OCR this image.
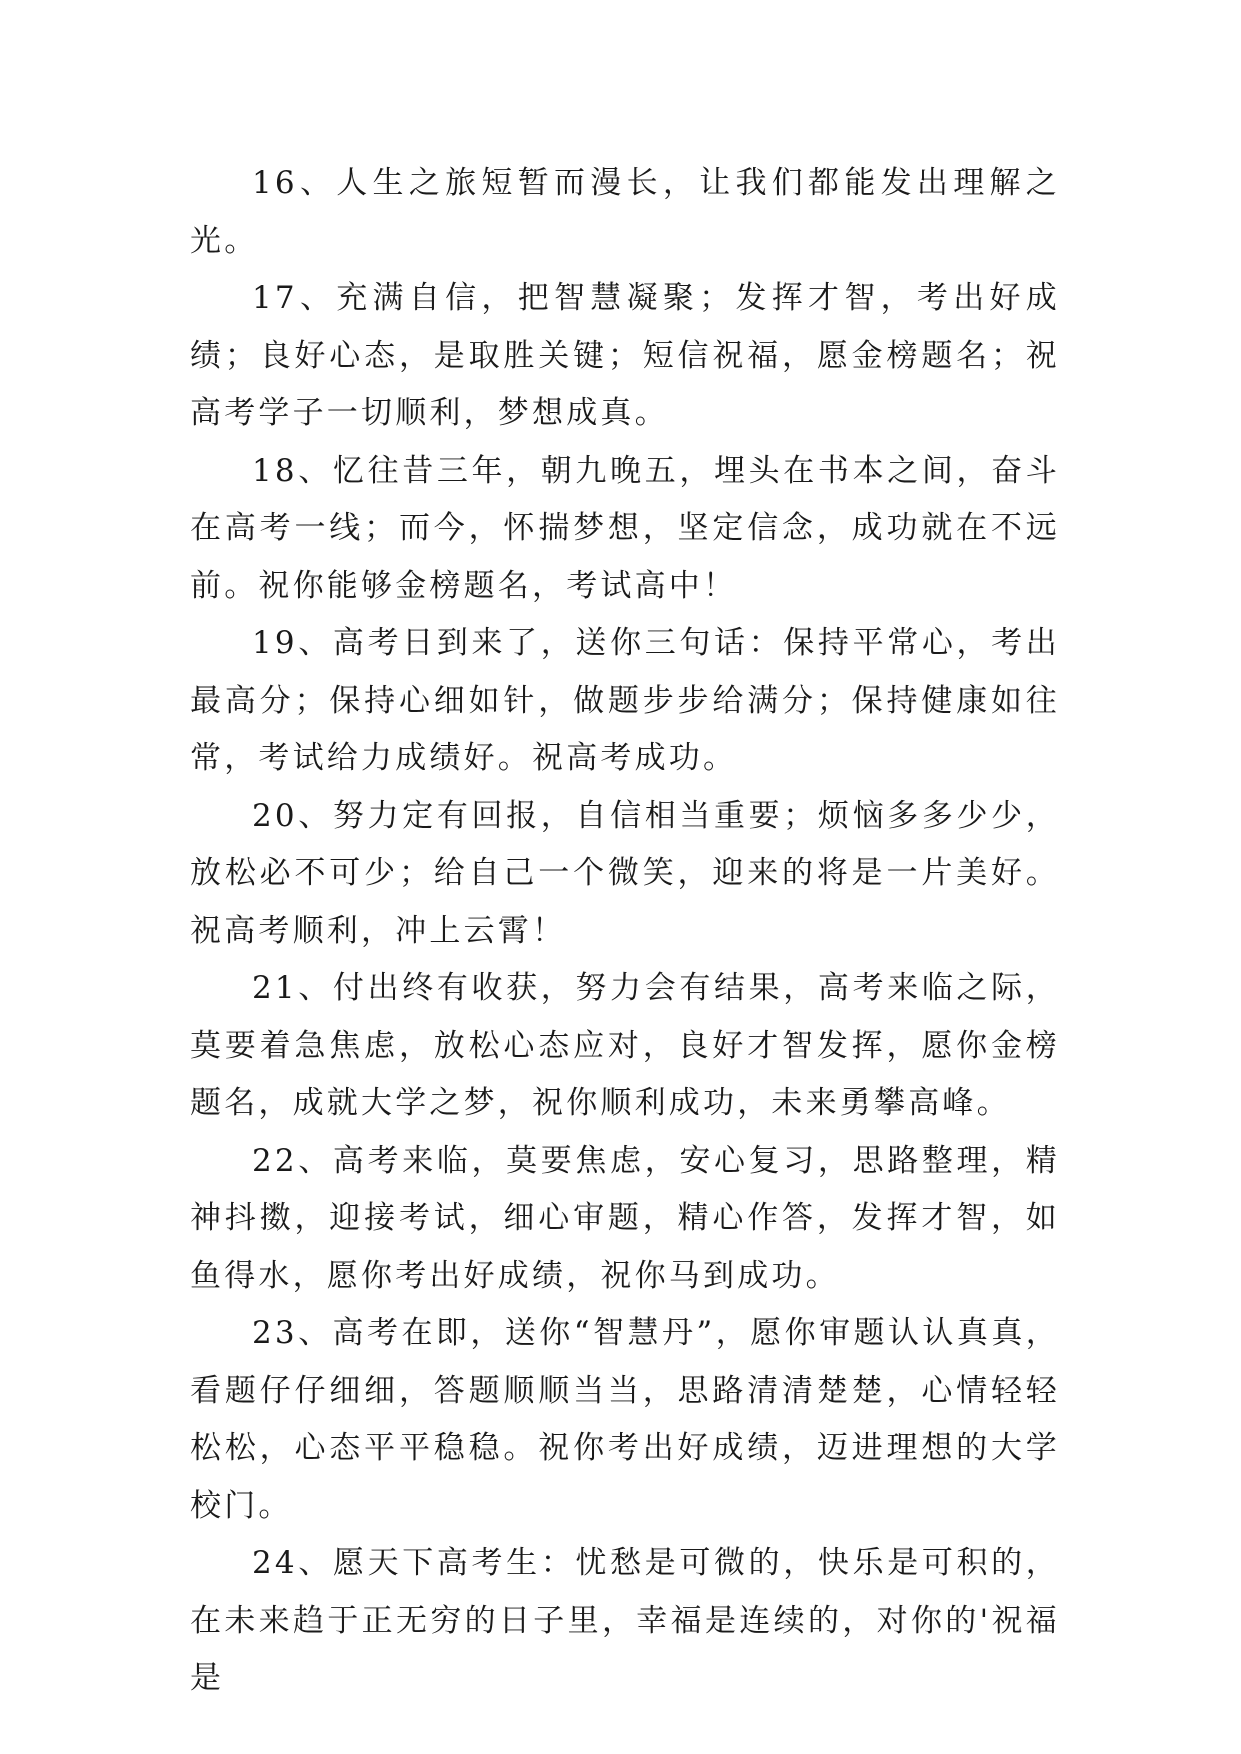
16、人生之旅短暂而漫长，让我们都能发出理解之光。

17、充满自信，把智慧凝聚；发挥才智，考出好成绩；良好心态，是取胜关键；短信祝福，愿金榜题名；祝高考学子一切顺利，梦想成真。

18、忆往昔三年，朝九晚五，埋头在书本之间，奋斗在高考一线；而今，怀揣梦想，坚定信念，成功就在不远前。祝你能够金榜题名，考试高中！

19、高考日到来了，送你三句话：保持平常心，考出最高分；保持心细如针，做题步步给满分；保持健康如往常，考试给力成绩好。祝高考成功。

20、努力定有回报，自信相当重要；烦恼多多少少，放松必不可少；给自己一个微笑，迎来的将是一片美好。祝高考顺利，冲上云霄！

21、付出终有收获，努力会有结果，高考来临之际，莫要着急焦虑，放松心态应对，良好才智发挥，愿你金榜题名，成就大学之梦，祝你顺利成功，未来勇攀高峰。

22、高考来临，莫要焦虑，安心复习，思路整理，精神抖擞，迎接考试，细心审题，精心作答，发挥才智，如鱼得水，愿你考出好成绩，祝你马到成功。

23、高考在即，送你“智慧丹”，愿你审题认认真真，看题仔仔细细，答题顺顺当当，思路清清楚楚，心情轻轻松松，心态平平稳稳。祝你考出好成绩，迈进理想的大学校门。

24、愿天下高考生：忧愁是可微的，快乐是可积的，在未来趋于正无穷的日子里，幸福是连续的，对你的'祝福是
